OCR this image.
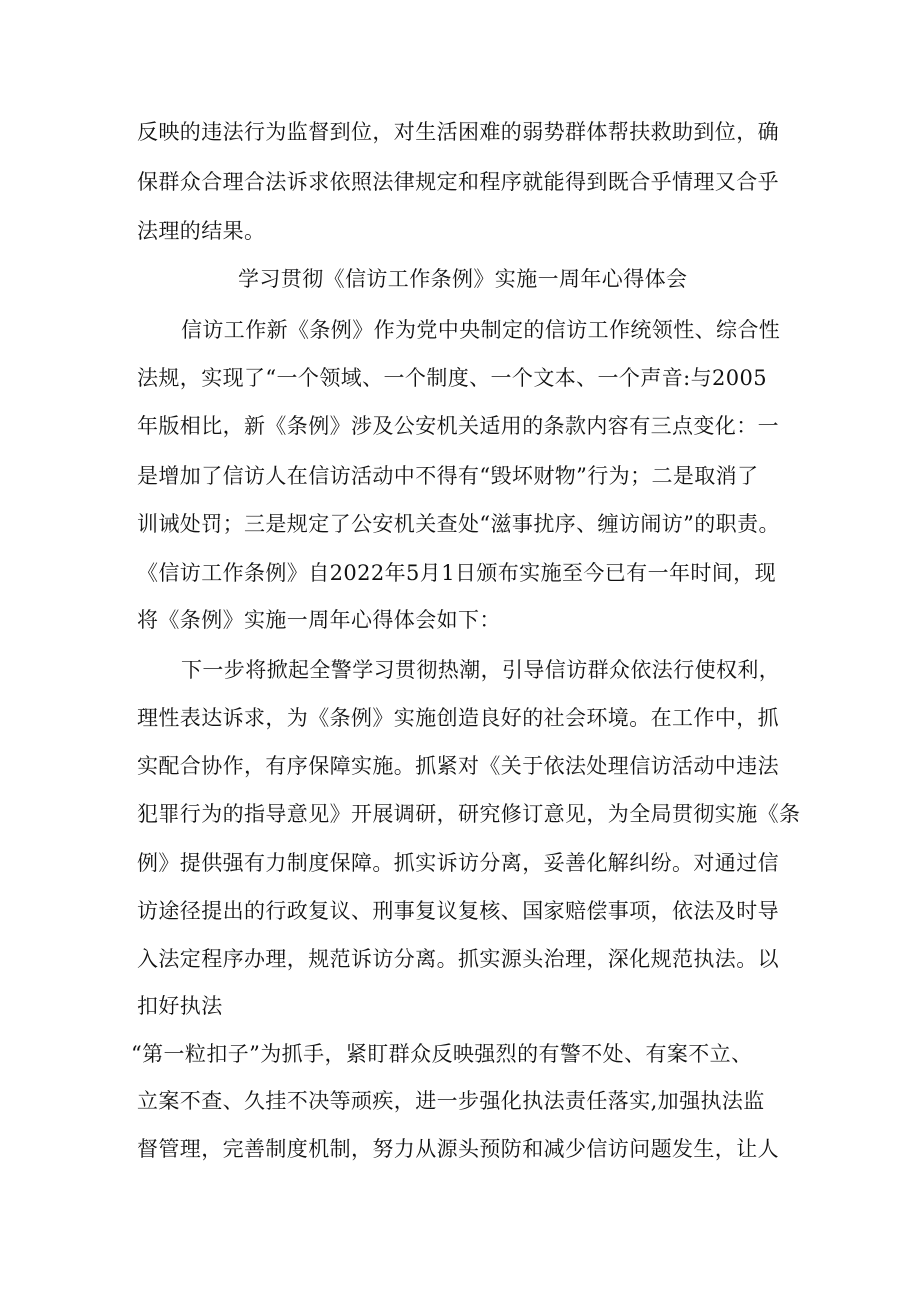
反映的违法行为监督到位，对生活困难的弱势群体帮扶救助到位，确
保群众合理合法诉求依照法律规定和程序就能得到既合乎情理又合乎
法理的结果。
学习贯彻《信访工作条例》实施一周年心得体会
信访工作新《条例》作为党中央制定的信访工作统领性、综合性
法规，实现了“一个领域、一个制度、一个文本、一个声音:与2005
年版相比，新《条例》涉及公安机关适用的条款内容有三点变化：一
是增加了信访人在信访活动中不得有“毁坏财物”行为；二是取消了
训诫处罚；三是规定了公安机关查处“滋事扰序、缠访闹访”的职责。
《信访工作条例》自2022年5月1日颁布实施至今已有一年时间，现
将《条例》实施一周年心得体会如下：
下一步将掀起全警学习贯彻热潮，引导信访群众依法行使权利，
理性表达诉求，为《条例》实施创造良好的社会环境。在工作中，抓
实配合协作，有序保障实施。抓紧对《关于依法处理信访活动中违法
犯罪行为的指导意见》开展调研，研究修订意见，为全局贯彻实施《条
例》提供强有力制度保障。抓实诉访分离，妥善化解纠纷。对通过信
访途径提出的行政复议、刑事复议复核、国家赔偿事项，依法及时导
入法定程序办理，规范诉访分离。抓实源头治理，深化规范执法。以
扣好执法
“第一粒扣子”为抓手，紧盯群众反映强烈的有警不处、有案不立、
立案不查、久挂不决等顽疾，进一步强化执法责任落实,加强执法监
督管理，完善制度机制，努力从源头预防和减少信访问题发生，让人
